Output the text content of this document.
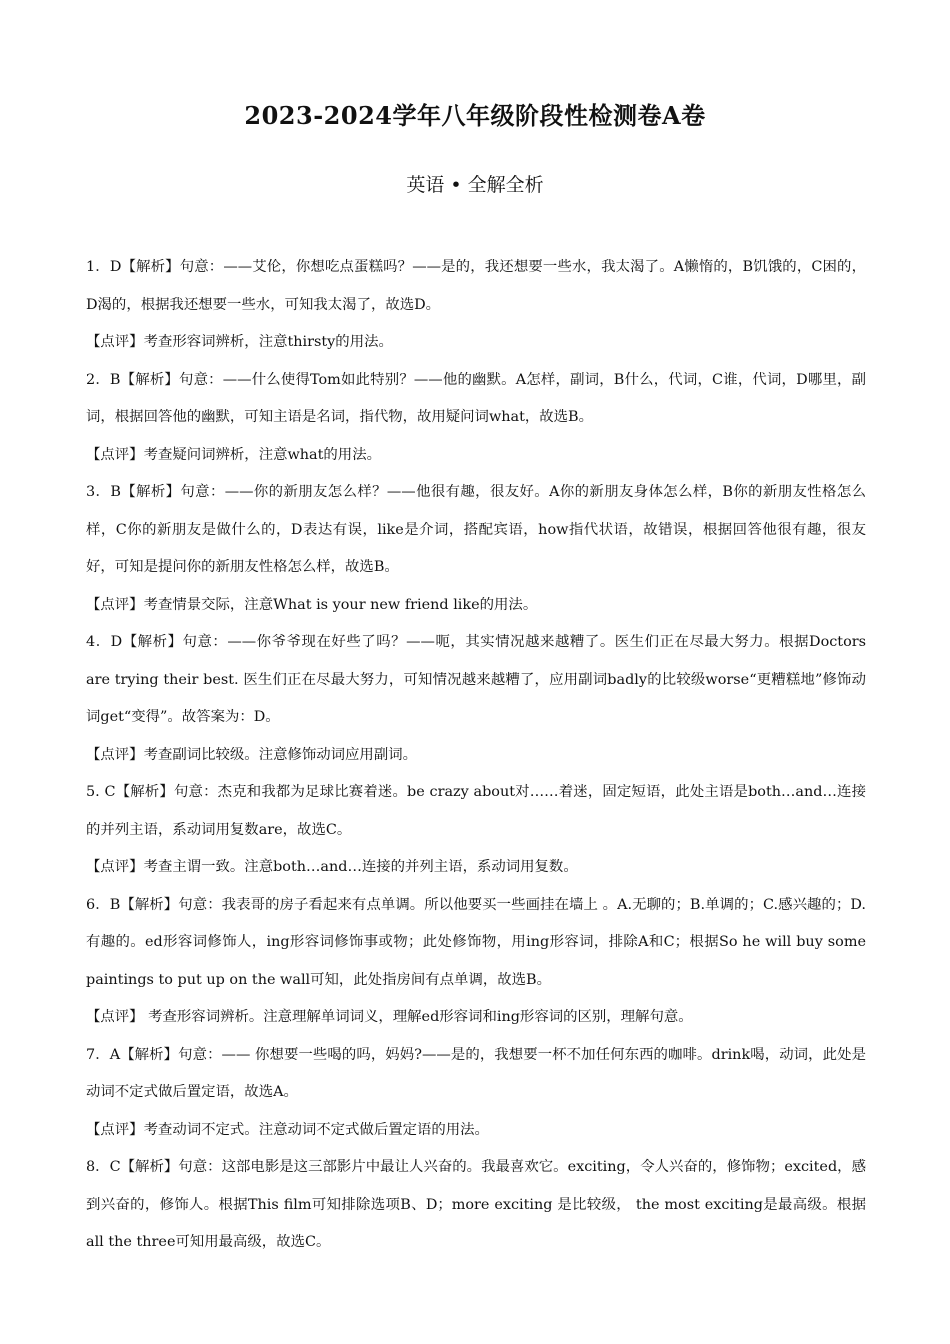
2023-2024学年八年级阶段性检测卷A卷
英语 • 全解全析

1．D【解析】句意：——艾伦，你想吃点蛋糕吗？——是的，我还想要一些水，我太渴了。A懒惰的，B饥饿的，C困的，D渴的，根据我还想要一些水，可知我太渴了，故选D。

【点评】考查形容词辨析，注意thirsty的用法。

2．B【解析】句意：——什么使得Tom如此特别？——他的幽默。A怎样，副词，B什么，代词，C谁，代词，D哪里，副词，根据回答他的幽默，可知主语是名词，指代物，故用疑问词what，故选B。

【点评】考查疑问词辨析，注意what的用法。

3．B【解析】句意：——你的新朋友怎么样？——他很有趣，很友好。A你的新朋友身体怎么样，B你的新朋友性格怎么样，C你的新朋友是做什么的，D表达有误，like是介词，搭配宾语，how指代状语，故错误，根据回答他很有趣，很友好，可知是提问你的新朋友性格怎么样，故选B。

【点评】考查情景交际，注意What is your new friend like的用法。

4．D【解析】句意：——你爷爷现在好些了吗？——呃，其实情况越来越糟了。医生们正在尽最大努力。根据Doctors are trying their best. 医生们正在尽最大努力，可知情况越来越糟了，应用副词badly的比较级worse“更糟糕地”修饰动词get“变得”。故答案为：D。

【点评】考查副词比较级。注意修饰动词应用副词。

5. C【解析】句意：杰克和我都为足球比赛着迷。be crazy about对……着迷，固定短语，此处主语是both…and…连接的并列主语，系动词用复数are，故选C。

【点评】考查主谓一致。注意both…and…连接的并列主语，系动词用复数。

6．B【解析】句意：我表哥的房子看起来有点单调。所以他要买一些画挂在墙上 。A.无聊的；B.单调的；C.感兴趣的；D.有趣的。ed形容词修饰人，ing形容词修饰事或物；此处修饰物，用ing形容词，排除A和C；根据So he will buy some paintings to put up on the wall可知，此处指房间有点单调，故选B。

【点评】 考查形容词辨析。注意理解单词词义，理解ed形容词和ing形容词的区别，理解句意。

7．A【解析】句意：—— 你想要一些喝的吗，妈妈?——是的，我想要一杯不加任何东西的咖啡。drink喝，动词，此处是动词不定式做后置定语，故选A。

【点评】考查动词不定式。注意动词不定式做后置定语的用法。

8．C【解析】句意：这部电影是这三部影片中最让人兴奋的。我最喜欢它。exciting，令人兴奋的，修饰物；excited，感到兴奋的，修饰人。根据This film可知排除选项B、D；more exciting 是比较级， the most exciting是最高级。根据all the three可知用最高级，故选C。
